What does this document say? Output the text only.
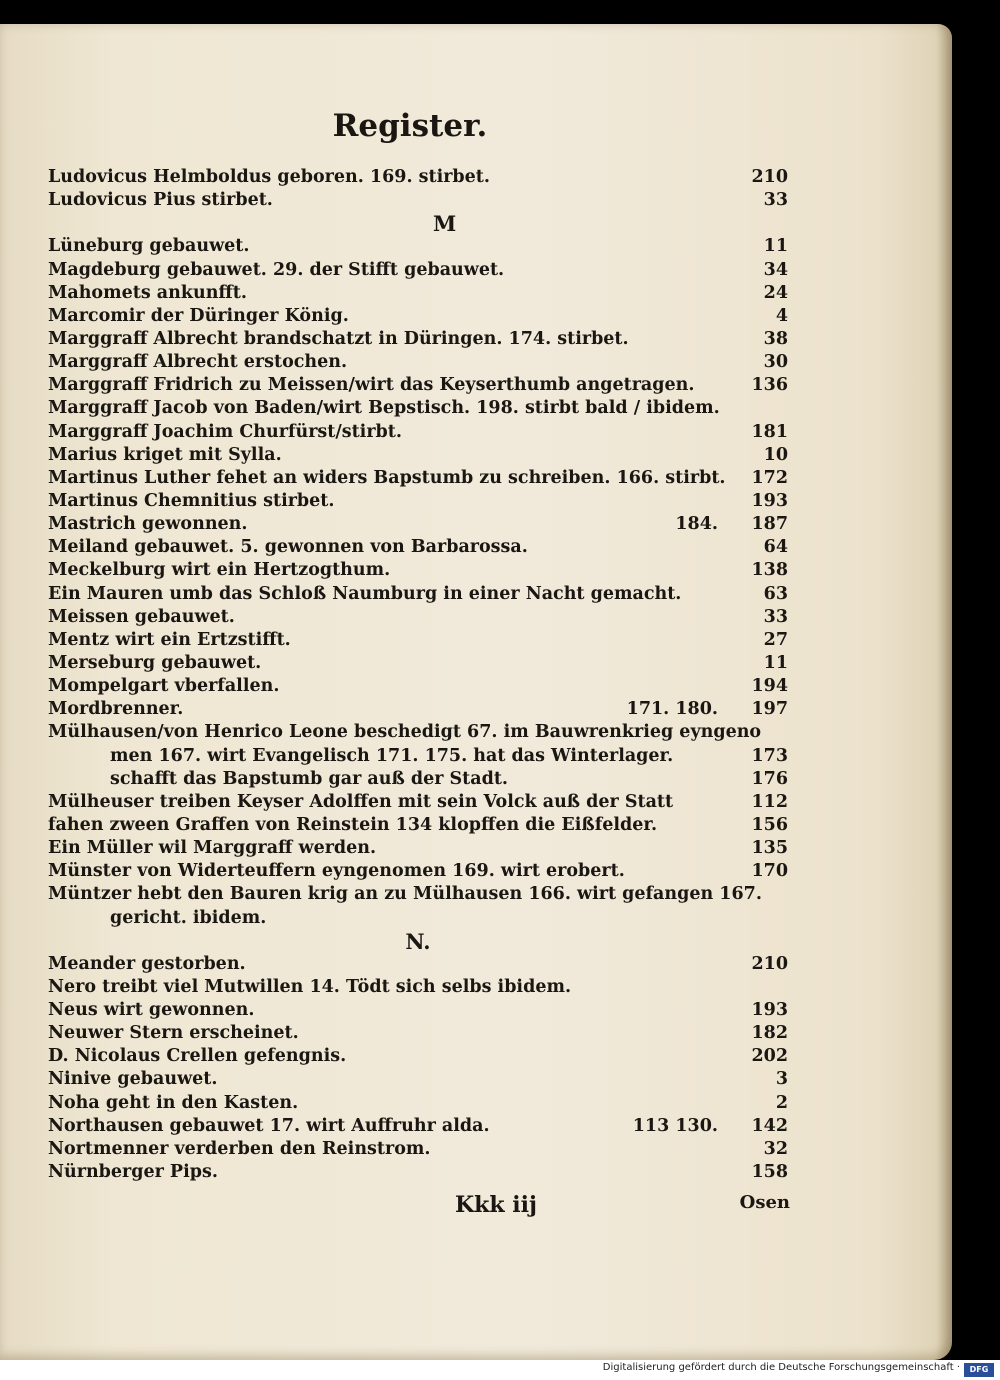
Register.
Ludovicus Helmboldus geboren. 169. stirbet.	210
Ludovicus Pius stirbet.	33
M
Lüneburg gebauwet.	11
Magdeburg gebauwet. 29. der Stifft gebauwet.	34
Mahomets ankunfft.	24
Marcomir der Düringer König.	4
Marggraff Albrecht brandschatzt in Düringen. 174. stirbet.	38
Marggraff Albrecht erstochen.	30
Marggraff Fridrich zu Meissen/wirt das Keyserthumb angetragen.	136
Marggraff Jacob von Baden/wirt Bepstisch. 198. stirbt bald / ibidem.
Marggraff Joachim Churfürst/stirbt.	181
Marius kriget mit Sylla.	10
Martinus Luther fehet an widers Bapstumb zu schreiben. 166. stirbt. 172
Martinus Chemnitius stirbet.	193
Mastrich gewonnen.	184. 187
Meiland gebauwet. 5. gewonnen von Barbarossa.	64
Meckelburg wirt ein Hertzogthum.	138
Ein Mauren umb das Schloß Naumburg in einer Nacht gemacht.	63
Meissen gebauwet.	33
Mentz wirt ein Ertzstifft.	27
Merseburg gebauwet.	11
Mompelgart vberfallen.	194
Mordbrenner.	171. 180. 197
Mülhausen/von Henrico Leone beschedigt 67. im Bauwrenkrieg eyngeno
men 167. wirt Evangelisch 171. 175. hat das Winterlager.	173
schafft das Bapstumb gar auß der Stadt.	176
Mülheuser treiben Keyser Adolffen mit sein Volck auß der Statt	112
fahen zween Graffen von Reinstein 134 klopffen die Eißfelder.	156
Ein Müller wil Marggraff werden.	135
Münster von Widerteuffern eyngenomen 169. wirt erobert.	170
Müntzer hebt den Bauren krig an zu Mülhausen 166. wirt gefangen 167.
gericht. ibidem.
N.
Meander gestorben.	210
Nero treibt viel Mutwillen 14. Tödt sich selbs ibidem.
Neus wirt gewonnen.	193
Neuwer Stern erscheinet.	182
D. Nicolaus Crellen gefengnis.	202
Ninive gebauwet.	3
Noha geht in den Kasten.	2
Northausen gebauwet 17. wirt Auffruhr alda.	113 130. 142
Nortmenner verderben den Reinstrom.	32
Nürnberger Pips.	158
Kkk iij	Osen
Digitalisierung gefördert durch die Deutsche Forschungsgemeinschaft ·	DFG
